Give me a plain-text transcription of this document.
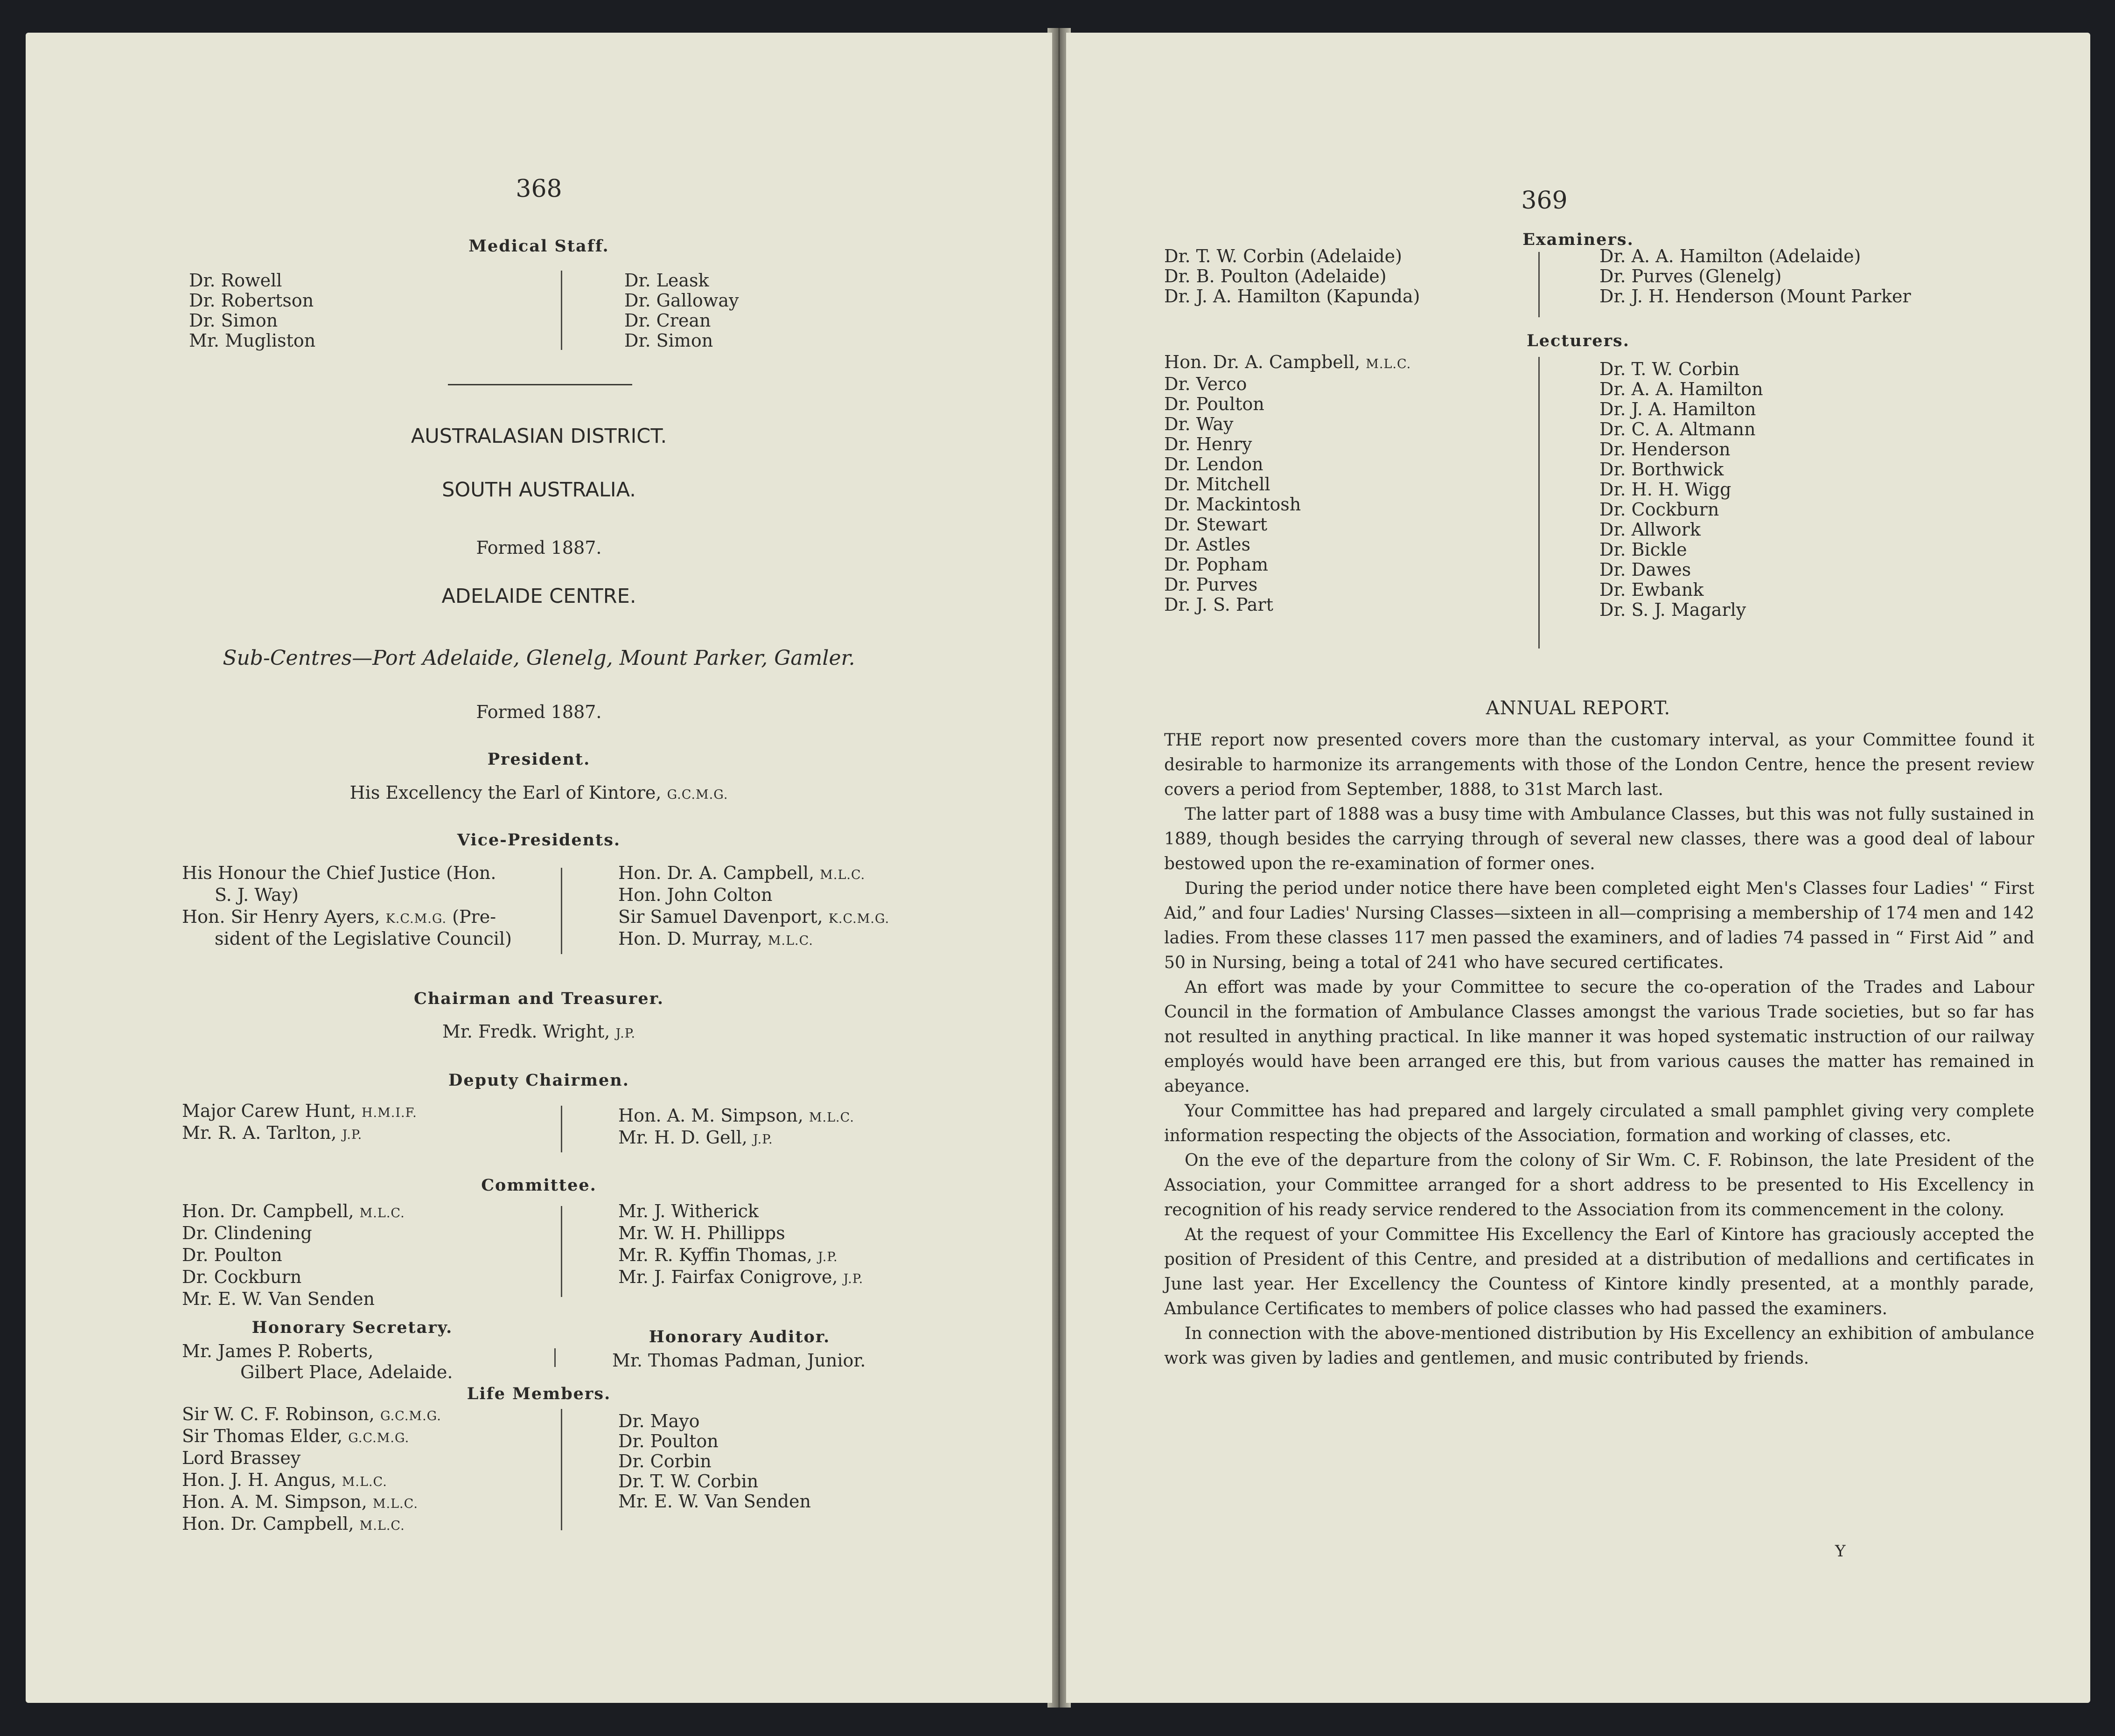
368
Medical Staff.
Dr. Rowell
Dr. Robertson
Dr. Simon
Mr. Mugliston
Dr. Leask
Dr. Galloway
Dr. Crean
Dr. Simon
AUSTRALASIAN DISTRICT.
SOUTH AUSTRALIA.
Formed 1887.
ADELAIDE CENTRE.
Sub-Centres—Port Adelaide, Glenelg, Mount Parker, Gamler.
Formed 1887.
President.
His Excellency the Earl of Kintore, G.C.M.G.
Vice-Presidents.
His Honour the Chief Justice (Hon.
S. J. Way)
Hon. Sir Henry Ayers, K.C.M.G. (Pre-
sident of the Legislative Council)
Hon. Dr. A. Campbell, M.L.C.
Hon. John Colton
Sir Samuel Davenport, K.C.M.G.
Hon. D. Murray, M.L.C.
Chairman and Treasurer.
Mr. Fredk. Wright, J.P.
Deputy Chairmen.
Major Carew Hunt, H.M.I.F.
Mr. R. A. Tarlton, J.P.
Hon. A. M. Simpson, M.L.C.
Mr. H. D. Gell, J.P.
Committee.
Hon. Dr. Campbell, M.L.C.
Dr. Clindening
Dr. Poulton
Dr. Cockburn
Mr. E. W. Van Senden
Mr. J. Witherick
Mr. W. H. Phillipps
Mr. R. Kyffin Thomas, J.P.
Mr. J. Fairfax Conigrove, J.P.
Honorary Secretary.
Mr. James P. Roberts,
Gilbert Place, Adelaide.
Honorary Auditor.
Mr. Thomas Padman, Junior.
Life Members.
Sir W. C. F. Robinson, G.C.M.G.
Sir Thomas Elder, G.C.M.G.
Lord Brassey
Hon. J. H. Angus, M.L.C.
Hon. A. M. Simpson, M.L.C.
Hon. Dr. Campbell, M.L.C.
Dr. Mayo
Dr. Poulton
Dr. Corbin
Dr. T. W. Corbin
Mr. E. W. Van Senden
369
Examiners.
Dr. T. W. Corbin (Adelaide)
Dr. B. Poulton (Adelaide)
Dr. J. A. Hamilton (Kapunda)
Dr. A. A. Hamilton (Adelaide)
Dr. Purves (Glenelg)
Dr. J. H. Henderson (Mount Parker
Lecturers.
Hon. Dr. A. Campbell, M.L.C.
Dr. Verco
Dr. Poulton
Dr. Way
Dr. Henry
Dr. Lendon
Dr. Mitchell
Dr. Mackintosh
Dr. Stewart
Dr. Astles
Dr. Popham
Dr. Purves
Dr. J. S. Part
Dr. T. W. Corbin
Dr. A. A. Hamilton
Dr. J. A. Hamilton
Dr. C. A. Altmann
Dr. Henderson
Dr. Borthwick
Dr. H. H. Wigg
Dr. Cockburn
Dr. Allwork
Dr. Bickle
Dr. Dawes
Dr. Ewbank
Dr. S. J. Magarly
ANNUAL REPORT.

THE report now presented covers more than the customary interval, as your Committee found it desirable to harmonize its arrangements with those of the London Centre, hence the present review covers a period from September, 1888, to 31st March last.

The latter part of 1888 was a busy time with Ambulance Classes, but this was not fully sustained in 1889, though besides the carrying through of several new classes, there was a good deal of labour bestowed upon the re-examination of former ones.

During the period under notice there have been completed eight Men's Classes four Ladies' “ First Aid,” and four Ladies' Nursing Classes—sixteen in all—comprising a membership of 174 men and 142 ladies. From these classes 117 men passed the examiners, and of ladies 74 passed in “ First Aid ” and 50 in Nursing, being a total of 241 who have secured certificates.

An effort was made by your Committee to secure the co-operation of the Trades and Labour Council in the formation of Ambulance Classes amongst the various Trade societies, but so far has not resulted in anything practical. In like manner it was hoped systematic instruction of our railway employés would have been arranged ere this, but from various causes the matter has remained in abeyance.

Your Committee has had prepared and largely circulated a small pamphlet giving very complete information respecting the objects of the Association, formation and working of classes, etc.

On the eve of the departure from the colony of Sir Wm. C. F. Robinson, the late President of the Association, your Committee arranged for a short address to be presented to His Excellency in recognition of his ready service rendered to the Association from its commencement in the colony.

At the request of your Committee His Excellency the Earl of Kintore has graciously accepted the position of President of this Centre, and presided at a distribution of medallions and certificates in June last year. Her Excellency the Countess of Kintore kindly presented, at a monthly parade, Ambulance Certificates to members of police classes who had passed the examiners.

In connection with the above-mentioned distribution by His Excellency an exhibition of ambulance work was given by ladies and gentlemen, and music contributed by friends.

Y
